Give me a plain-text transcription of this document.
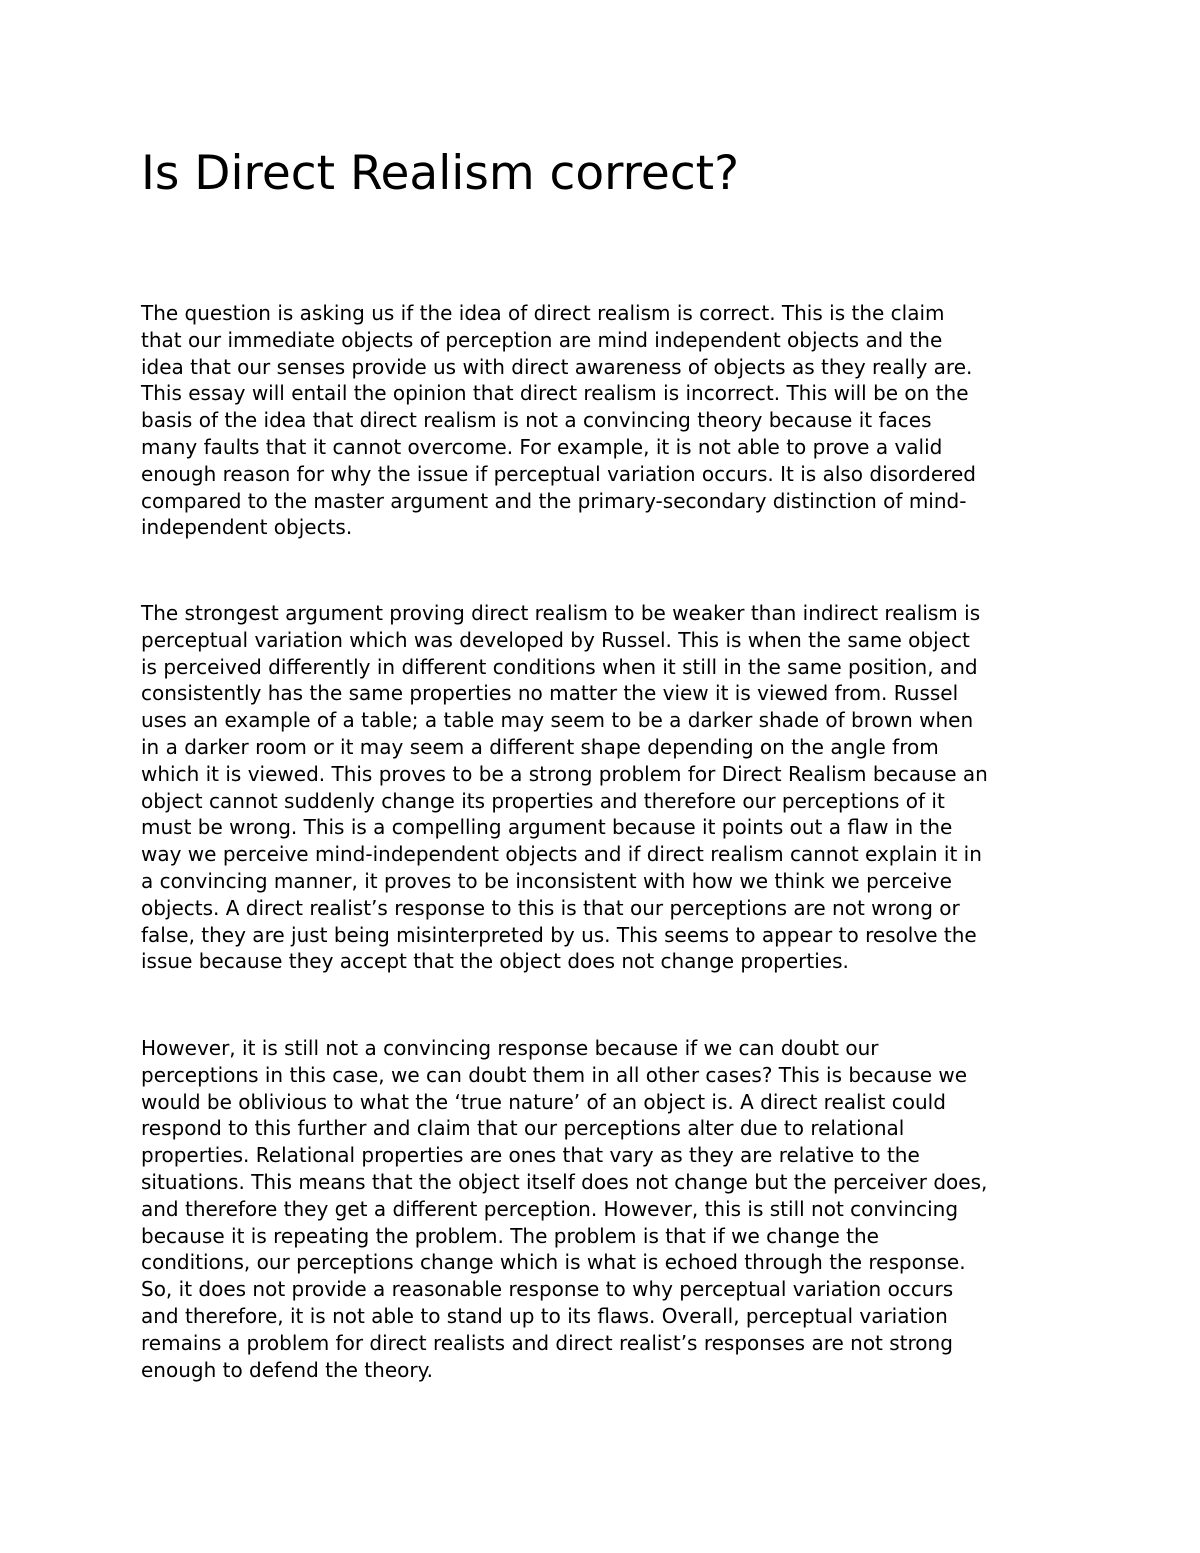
Is Direct Realism correct?
The question is asking us if the idea of direct realism is correct. This is the claim
that our immediate objects of perception are mind independent objects and the
idea that our senses provide us with direct awareness of objects as they really are.
This essay will entail the opinion that direct realism is incorrect. This will be on the
basis of the idea that direct realism is not a convincing theory because it faces
many faults that it cannot overcome. For example, it is not able to prove a valid
enough reason for why the issue if perceptual variation occurs. It is also disordered
compared to the master argument and the primary-secondary distinction of mind-
independent objects.
The strongest argument proving direct realism to be weaker than indirect realism is
perceptual variation which was developed by Russel. This is when the same object
is perceived differently in different conditions when it still in the same position, and
consistently has the same properties no matter the view it is viewed from. Russel
uses an example of a table; a table may seem to be a darker shade of brown when
in a darker room or it may seem a different shape depending on the angle from
which it is viewed. This proves to be a strong problem for Direct Realism because an
object cannot suddenly change its properties and therefore our perceptions of it
must be wrong. This is a compelling argument because it points out a flaw in the
way we perceive mind-independent objects and if direct realism cannot explain it in
a convincing manner, it proves to be inconsistent with how we think we perceive
objects. A direct realist’s response to this is that our perceptions are not wrong or
false, they are just being misinterpreted by us. This seems to appear to resolve the
issue because they accept that the object does not change properties.
However, it is still not a convincing response because if we can doubt our
perceptions in this case, we can doubt them in all other cases? This is because we
would be oblivious to what the ‘true nature’ of an object is. A direct realist could
respond to this further and claim that our perceptions alter due to relational
properties. Relational properties are ones that vary as they are relative to the
situations. This means that the object itself does not change but the perceiver does,
and therefore they get a different perception. However, this is still not convincing
because it is repeating the problem. The problem is that if we change the
conditions, our perceptions change which is what is echoed through the response.
So, it does not provide a reasonable response to why perceptual variation occurs
and therefore, it is not able to stand up to its flaws. Overall, perceptual variation
remains a problem for direct realists and direct realist’s responses are not strong
enough to defend the theory.
